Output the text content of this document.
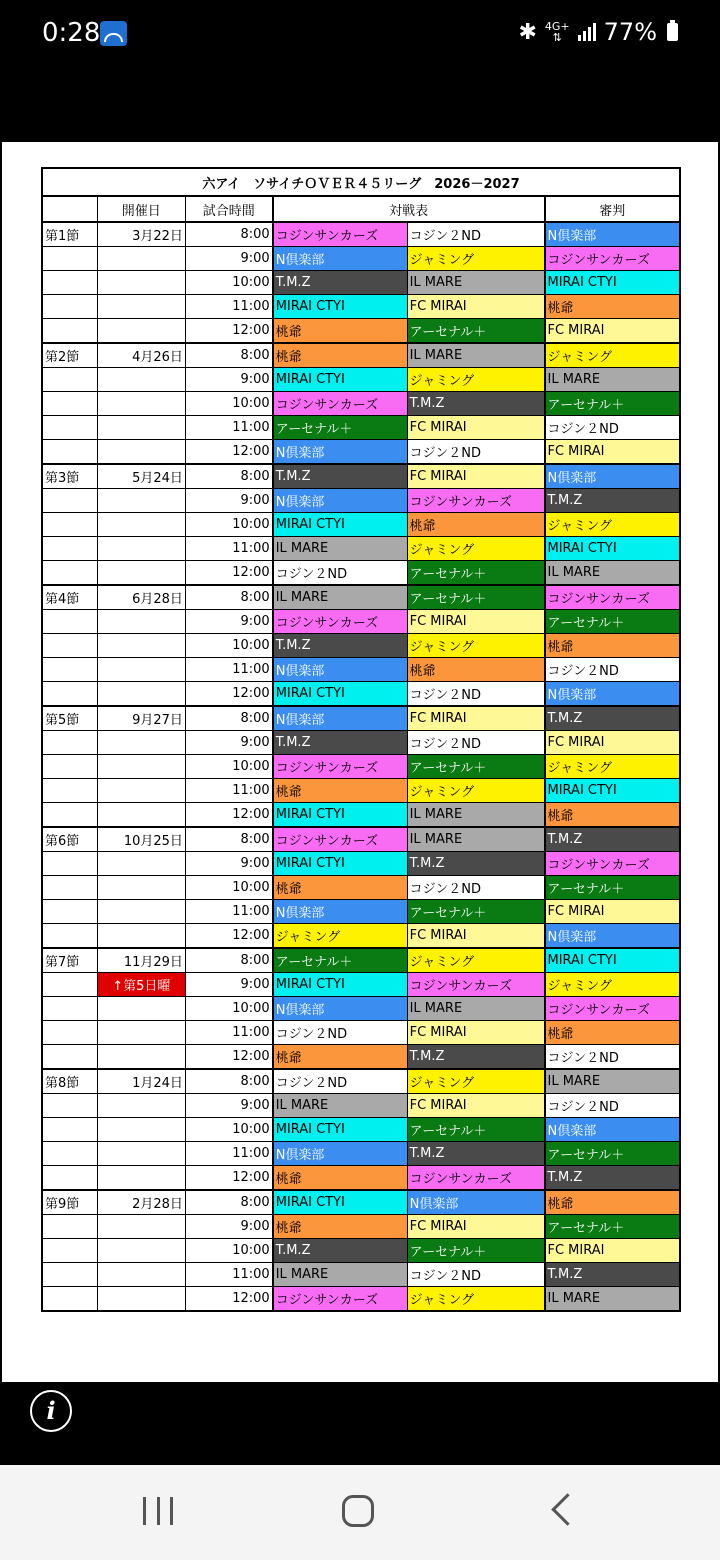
0:28	✱ 4G+
⇅	77%
六アイ　ソサイチＯＶＥＲ４５リーグ　2026－2027					
	開催日	試合時間	対戦表		審判
第1節	3月22日	8:00	コジンサンカーズ	コジン２ND	N倶楽部
		9:00	N倶楽部	ジャミング	コジンサンカーズ
		10:00	T.M.Z	IL MARE	MIRAI CTYI
		11:00	MIRAI CTYI	FC MIRAI	桃爺
		12:00	桃爺	アーセナル＋	FC MIRAI
第2節	4月26日	8:00	桃爺	IL MARE	ジャミング
		9:00	MIRAI CTYI	ジャミング	IL MARE
		10:00	コジンサンカーズ	T.M.Z	アーセナル＋
		11:00	アーセナル＋	FC MIRAI	コジン２ND
		12:00	N倶楽部	コジン２ND	FC MIRAI
第3節	5月24日	8:00	T.M.Z	FC MIRAI	N倶楽部
		9:00	N倶楽部	コジンサンカーズ	T.M.Z
		10:00	MIRAI CTYI	桃爺	ジャミング
		11:00	IL MARE	ジャミング	MIRAI CTYI
		12:00	コジン２ND	アーセナル＋	IL MARE
第4節	6月28日	8:00	IL MARE	アーセナル＋	コジンサンカーズ
		9:00	コジンサンカーズ	FC MIRAI	アーセナル＋
		10:00	T.M.Z	ジャミング	桃爺
		11:00	N倶楽部	桃爺	コジン２ND
		12:00	MIRAI CTYI	コジン２ND	N倶楽部
第5節	9月27日	8:00	N倶楽部	FC MIRAI	T.M.Z
		9:00	T.M.Z	コジン２ND	FC MIRAI
		10:00	コジンサンカーズ	アーセナル＋	ジャミング
		11:00	桃爺	ジャミング	MIRAI CTYI
		12:00	MIRAI CTYI	IL MARE	桃爺
第6節	10月25日	8:00	コジンサンカーズ	IL MARE	T.M.Z
		9:00	MIRAI CTYI	T.M.Z	コジンサンカーズ
		10:00	桃爺	コジン２ND	アーセナル＋
		11:00	N倶楽部	アーセナル＋	FC MIRAI
		12:00	ジャミング	FC MIRAI	N倶楽部
第7節	11月29日	8:00	アーセナル＋	ジャミング	MIRAI CTYI
	↑第5日曜	9:00	MIRAI CTYI	コジンサンカーズ	ジャミング
		10:00	N倶楽部	IL MARE	コジンサンカーズ
		11:00	コジン２ND	FC MIRAI	桃爺
		12:00	桃爺	T.M.Z	コジン２ND
第8節	1月24日	8:00	コジン２ND	ジャミング	IL MARE
		9:00	IL MARE	FC MIRAI	コジン２ND
		10:00	MIRAI CTYI	アーセナル＋	N倶楽部
		11:00	N倶楽部	T.M.Z	アーセナル＋
		12:00	桃爺	コジンサンカーズ	T.M.Z
第9節	2月28日	8:00	MIRAI CTYI	N倶楽部	桃爺
		9:00	桃爺	FC MIRAI	アーセナル＋
		10:00	T.M.Z	アーセナル＋	FC MIRAI
		11:00	IL MARE	コジン２ND	T.M.Z
		12:00	コジンサンカーズ	ジャミング	IL MARE
i
